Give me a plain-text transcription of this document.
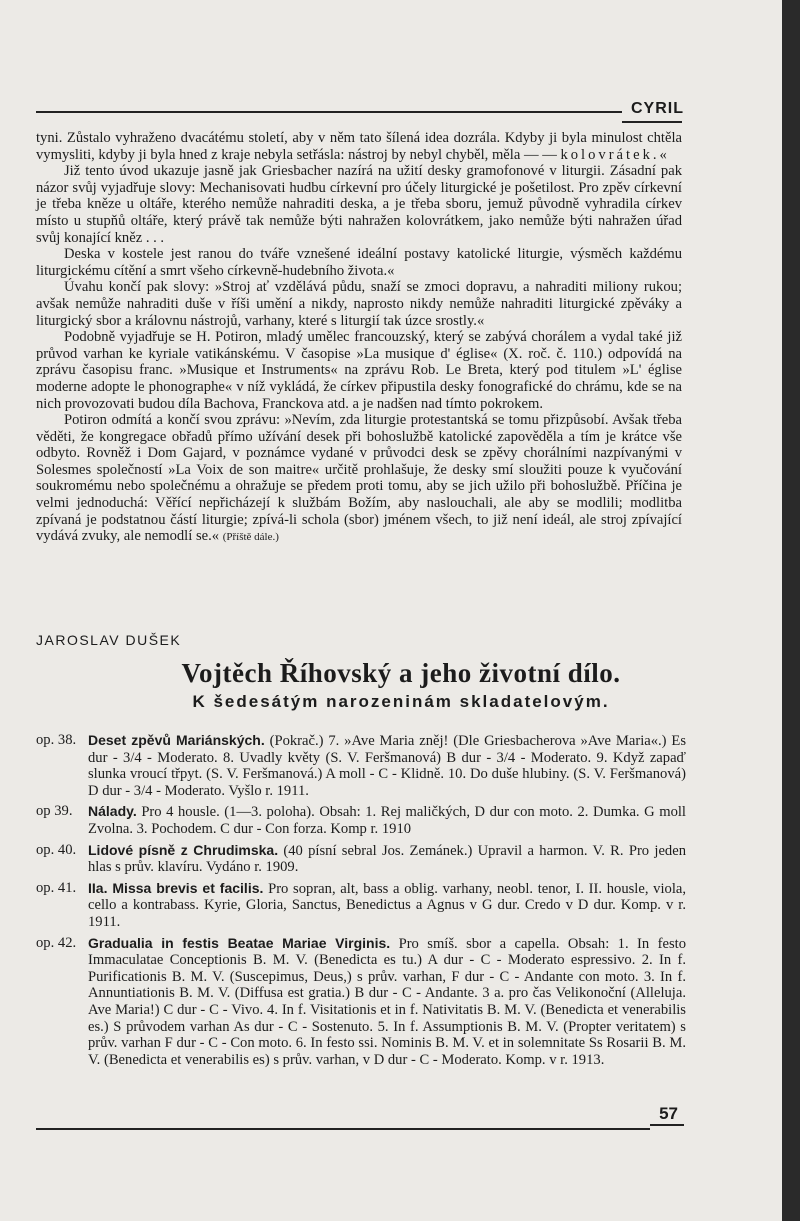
CYRIL

tyni. Zůstalo vyhraženo dvacátému století, aby v něm tato šílená idea dozrála. Kdyby ji byla minulost chtěla vymysliti, kdyby ji byla hned z kraje nebyla setřásla: nástroj by nebyl chyběl, měla — — kolovrátek.«

Již tento úvod ukazuje jasně jak Griesbacher nazírá na užití desky gramofonové v liturgii. Zásadní pak názor svůj vyjadřuje slovy: Mechanisovati hudbu církevní pro účely liturgické je pošetilost. Pro zpěv církevní je třeba kněze u oltáře, kterého nemůže nahraditi deska, a je třeba sboru, jemuž původně vyhradila církev místo u stupňů oltáře, který právě tak nemůže býti nahražen kolovrátkem, jako nemůže býti nahražen úřad svůj konající kněz . . .

Deska v kostele jest ranou do tváře vznešené ideální postavy katolické liturgie, výsměch každému liturgickému cítění a smrt všeho církevně-hudebního života.«

Úvahu končí pak slovy: »Stroj ať vzdělává půdu, snaží se zmoci dopravu, a nahraditi miliony rukou; avšak nemůže nahraditi duše v říši umění a nikdy, naprosto nikdy nemůže nahraditi liturgické zpěváky a liturgický sbor a královnu nástrojů, varhany, které s liturgií tak úzce srostly.«

Podobně vyjadřuje se H. Potiron, mladý umělec francouzský, který se zabývá chorálem a vydal také již průvod varhan ke kyriale vatikánskému. V časopise »La musique d' église« (X. roč. č. 110.) odpovídá na zprávu časopisu franc. »Musique et Instruments« na zprávu Rob. Le Breta, který pod titulem »L' église moderne adopte le phonographe« v níž vykládá, že církev připustila desky fonografické do chrámu, kde se na nich provozovati budou díla Bachova, Franckova atd. a je nadšen nad tímto pokrokem.

Potiron odmítá a končí svou zprávu: »Nevím, zda liturgie protestantská se tomu přizpůsobí. Avšak třeba věděti, že kongregace obřadů přímo užívání desek při bohoslužbě katolické zapověděla a tím je krátce vše odbyto. Rovněž i Dom Gajard, v poznámce vydané v průvodci desk se zpěvy chorálními nazpívanými v Solesmes společností »La Voix de son maitre« určitě prohlašuje, že desky smí sloužiti pouze k vyučování soukromému nebo společnému a ohražuje se předem proti tomu, aby se jich užilo při bohoslužbě. Příčina je velmi jednoduchá: Věřící nepřicházejí k službám Božím, aby naslouchali, ale aby se modlili; modlitba zpívaná je podstatnou částí liturgie; zpívá-li schola (sbor) jménem všech, to již není ideál, ale stroj zpívající vydává zvuky, ale nemodlí se.« (Příště dále.)

JAROSLAV DUŠEK
Vojtěch Říhovský a jeho životní dílo.
K šedesátým narozeninám skladatelovým.
op. 38. Deset zpěvů Mariánských. (Pokrač.) 7. »Ave Maria zněj! (Dle Griesbacherova »Ave Maria«.) Es dur - 3/4 - Moderato. 8. Uvadly květy (S. V. Feršmanová) B dur - 3/4 - Moderato. 9. Když zapaď slunka vroucí třpyt. (S. V. Feršmanová.) A moll - C - Klidně. 10. Do duše hlubiny. (S. V. Feršmanová) D dur - 3/4 - Moderato. Vyšlo r. 1911.
op 39.	Nálady. Pro 4 housle. (1—3. poloha). Obsah: 1. Rej maličkých, D dur con moto. 2. Dumka. G moll Zvolna. 3. Pochodem. C dur - Con forza. Komp r. 1910
op. 40. Lidové písně z Chrudimska. (40 písní sebral Jos. Zemánek.) Upravil a harmon. V. R. Pro jeden hlas s prův. klavíru. Vydáno r. 1909.
op. 41. IIa. Missa brevis et facilis. Pro sopran, alt, bass a oblig. varhany, neobl. tenor, I. II. housle, viola, cello a kontrabass. Kyrie, Gloria, Sanctus, Benedictus a Agnus v G dur. Credo v D dur. Komp. v r. 1911.
op. 42. Gradualia in festis Beatae Mariae Virginis. Pro smíš. sbor a capella. Obsah: 1. In festo Immaculatae Conceptionis B. M. V. (Benedicta es tu.) A dur - C - Moderato espressivo. 2. In f. Purificationis B. M. V. (Suscepimus, Deus,) s prův. varhan, F dur - C - Andante con moto. 3. In f. Annuntiationis B. M. V. (Diffusa est gratia.) B dur - C - Andante. 3 a. pro čas Velikonoční (Alleluja. Ave Maria!) C dur - C - Vivo. 4. In f. Visitationis et in f. Nativitatis B. M. V. (Benedicta et venerabilis es.) S průvodem varhan As dur - C - Sostenuto. 5. In f. Assumptionis B. M. V. (Propter veritatem) s prův. varhan F dur - C - Con moto. 6. In festo ssi. Nominis B. M. V. et in solemnitate Ss Rosarii B. M. V. (Benedicta et venerabilis es) s prův. varhan, v D dur - C - Moderato. Komp. v r. 1913.
57
